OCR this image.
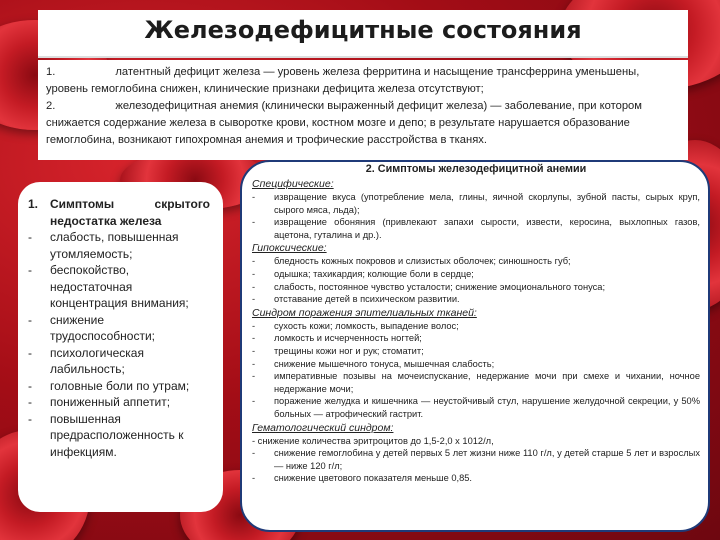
Железодефицитные состояния

1.	латентный дефицит железа — уровень железа ферритина и насыщение трансферрина уменьшены, уровень гемоглобина снижен, клинические признаки дефицита железа отсутствуют;

2.	железодефицитная анемия (клинически выраженный дефицит железа) — заболевание, при котором снижается содержание железа в сыворотке крови, костном мозге и депо; в результате нарушается образование гемоглобина, возникают гипохромная анемия и трофические расстройства в тканях.

1. Симптомы скрытого
недостатка железа
-	слабость, повышенная утомляемость;
-	беспокойство, недостаточная концентрация внимания;
-	снижение трудоспособности;
-	психологическая лабильность;
-	головные боли по утрам;
-	пониженный аппетит;
-	повышенная предрасположенность к инфекциям.
2. Симптомы железодефицитной анемии
Специфические:
-	извращение вкуса (употребление мела, глины, яичной скорлупы, зубной пасты, сырых круп, сырого мяса, льда);
-	извращение обоняния (привлекают запахи сырости, извести, керосина, выхлопных газов, ацетона, гуталина и др.).
Гипоксические:
-	бледность кожных покровов и слизистых оболочек; синюшность губ;
-	одышка; тахикардия; колющие боли в сердце;
-	слабость, постоянное чувство усталости; снижение эмоционального тонуса;
-	отставание детей в психическом развитии.
Синдром поражения эпителиальных тканей:
-	сухость кожи; ломкость, выпадение волос;
-	ломкость и исчерченность ногтей;
-	трещины кожи ног и рук; стоматит;
-	снижение мышечного тонуса, мышечная слабость;
-	императивные позывы на мочеиспускание, недержание мочи при смехе и чихании, ночное недержание мочи;
-	поражение желудка и кишечника — неустойчивый стул, нарушение желудочной секреции, у 50% больных — атрофический гастрит.
Гематологический синдром:
- снижение количества эритроцитов до 1,5-2,0 х 1012/л,
-	снижение гемоглобина у детей первых 5 лет жизни ниже 110 г/л, у детей старше 5 лет и взрослых — ниже 120 г/л;
-	снижение цветового показателя меньше 0,85.
